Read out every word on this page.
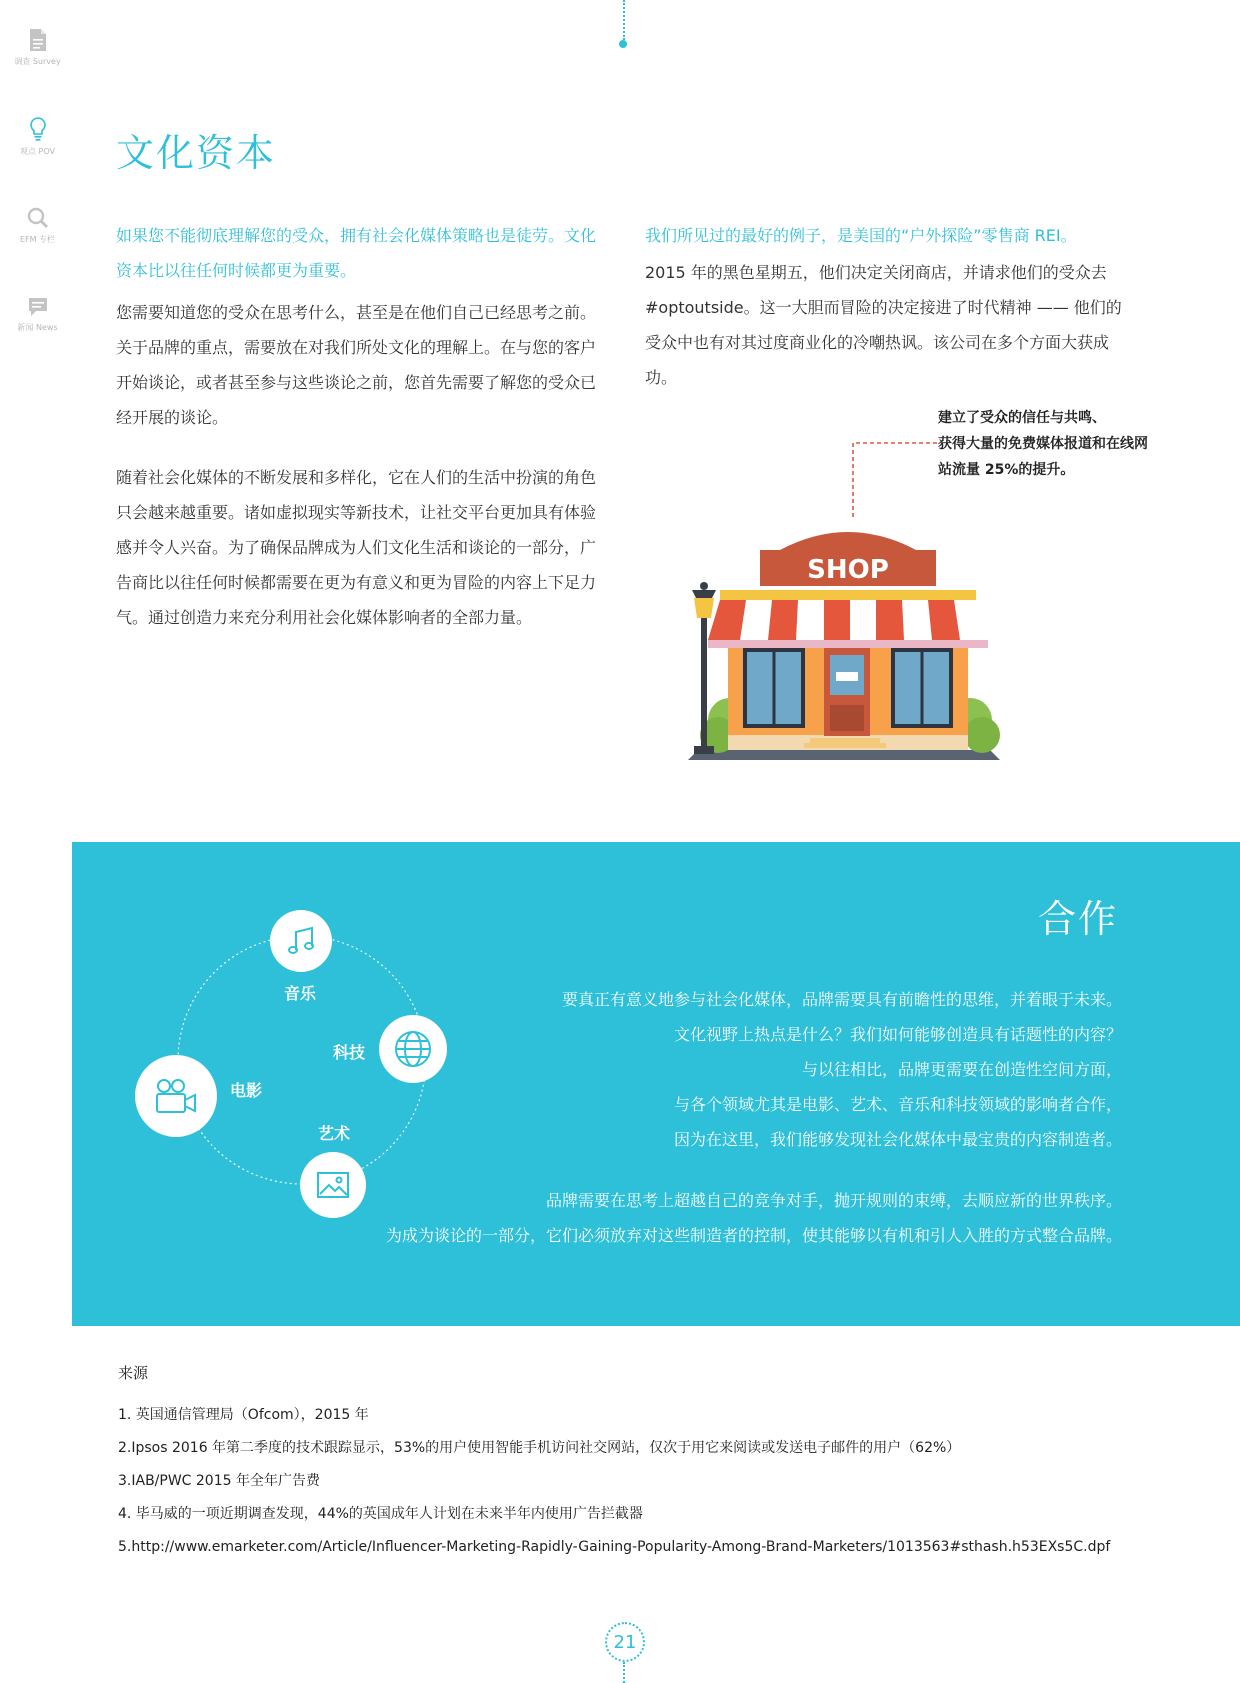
调查 Survey
观点 POV
EFM 专栏
新闻 News
文化资本
如果您不能彻底理解您的受众，拥有社会化媒体策略也是徒劳。文化资本比以往任何时候都更为重要。
您需要知道您的受众在思考什么，甚至是在他们自己已经思考之前。关于品牌的重点，需要放在对我们所处文化的理解上。在与您的客户开始谈论，或者甚至参与这些谈论之前，您首先需要了解您的受众已经开展的谈论。
随着社会化媒体的不断发展和多样化，它在人们的生活中扮演的角色只会越来越重要。诸如虚拟现实等新技术，让社交平台更加具有体验感并令人兴奋。为了确保品牌成为人们文化生活和谈论的一部分，广告商比以往任何时候都需要在更为有意义和更为冒险的内容上下足力气。通过创造力来充分利用社会化媒体影响者的全部力量。
我们所见过的最好的例子，是美国的“户外探险”零售商 REI。
2015 年的黑色星期五，他们决定关闭商店，并请求他们的受众去 #optoutside。这一大胆而冒险的决定接进了时代精神 —— 他们的受众中也有对其过度商业化的冷嘲热讽。该公司在多个方面大获成功。
建立了受众的信任与共鸣、
获得大量的免费媒体报道和在线网
站流量 25%的提升。
SHOP
合作
音乐
科技
电影
艺术
要真正有意义地参与社会化媒体，品牌需要具有前瞻性的思维，并着眼于未来。
文化视野上热点是什么？我们如何能够创造具有话题性的内容？
与以往相比，品牌更需要在创造性空间方面，
与各个领域尤其是电影、艺术、音乐和科技领域的影响者合作，
因为在这里，我们能够发现社会化媒体中最宝贵的内容制造者。
品牌需要在思考上超越自己的竞争对手，抛开规则的束缚，去顺应新的世界秩序。
为成为谈论的一部分，它们必须放弃对这些制造者的控制，使其能够以有机和引人入胜的方式整合品牌。
来源
1. 英国通信管理局（Ofcom），2015 年
2.Ipsos 2016 年第二季度的技术跟踪显示，53%的用户使用智能手机访问社交网站，仅次于用它来阅读或发送电子邮件的用户（62%）
3.IAB/PWC 2015 年全年广告费
4. 毕马威的一项近期调查发现，44%的英国成年人计划在未来半年内使用广告拦截器
5.http://www.emarketer.com/Article/Influencer-Marketing-Rapidly-Gaining-Popularity-Among-Brand-Marketers/1013563#sthash.h53EXs5C.dpf
21
